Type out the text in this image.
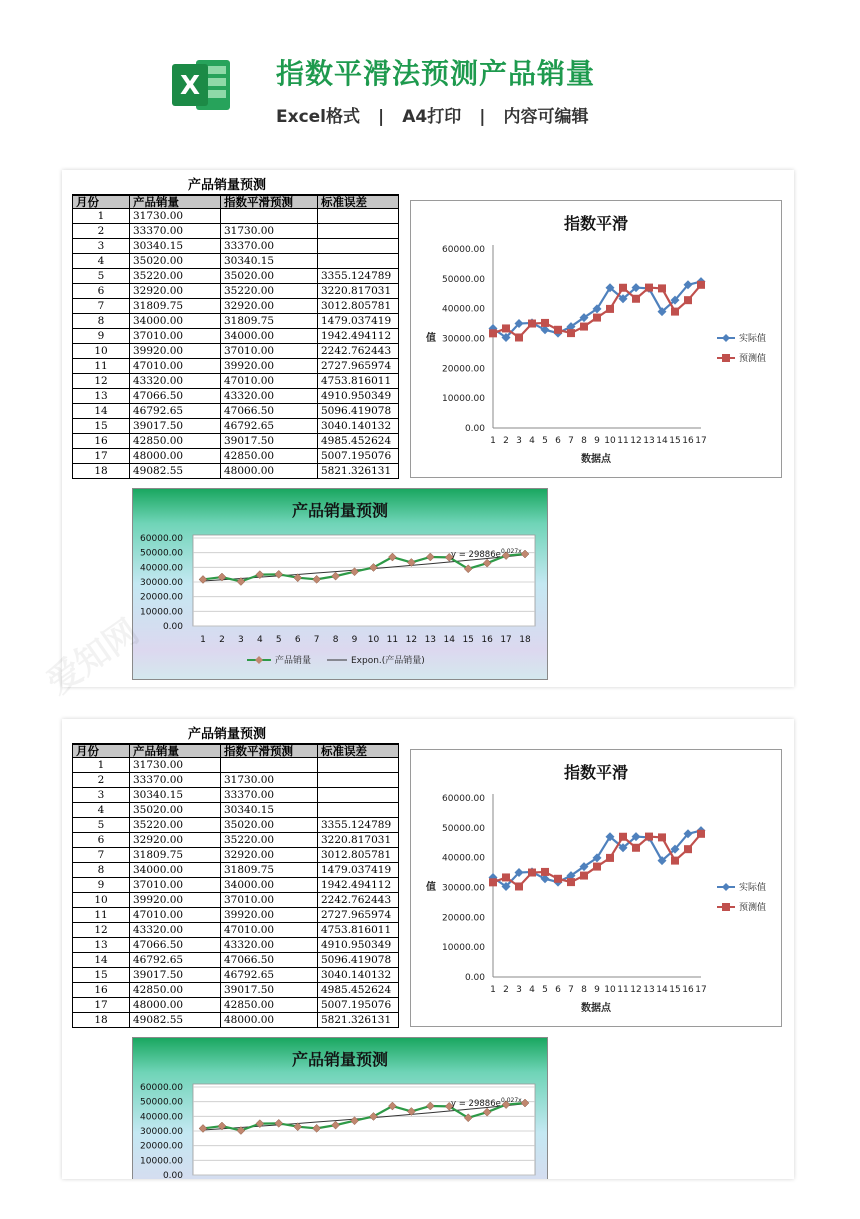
X	指数平滑法预测产品销量
Excel格式 | A4打印 | 内容可编辑
产品销量预测
月份	产品销量	指数平滑预测	标准误差
1	31730.00		
2	33370.00	31730.00	
3	30340.15	33370.00	
4	35020.00	30340.15	
5	35220.00	35020.00	3355.124789
6	32920.00	35220.00	3220.817031
7	31809.75	32920.00	3012.805781
8	34000.00	31809.75	1479.037419
9	37010.00	34000.00	1942.494112
10	39920.00	37010.00	2242.762443
11	47010.00	39920.00	2727.965974
12	43320.00	47010.00	4753.816011
13	47066.50	43320.00	4910.950349
14	46792.65	47066.50	5096.419078
15	39017.50	46792.65	3040.140132
16	42850.00	39017.50	4985.452624
17	48000.00	42850.00	5007.195076
18	49082.55	48000.00	5821.326131
指数平滑
0.00
10000.00
20000.00
30000.00
40000.00
50000.00
60000.00
1 2 3 4 5 6 7 8 9 10 11 12 13 14 15 16 17
数据点
值	实际值
预测值
产品销量预测
0.00
10000.00
20000.00
30000.00
40000.00
50000.00
60000.00
1 2 3 4 5 6 7 8 9 10 11 12 13 14 15 16 17 18
y = 29886e 0.027x
产品销量	Expon.(产品销量)
产品销量预测
月份	产品销量	指数平滑预测	标准误差
1	31730.00		
2	33370.00	31730.00	
3	30340.15	33370.00	
4	35020.00	30340.15	
5	35220.00	35020.00	3355.124789
6	32920.00	35220.00	3220.817031
7	31809.75	32920.00	3012.805781
8	34000.00	31809.75	1479.037419
9	37010.00	34000.00	1942.494112
10	39920.00	37010.00	2242.762443
11	47010.00	39920.00	2727.965974
12	43320.00	47010.00	4753.816011
13	47066.50	43320.00	4910.950349
14	46792.65	47066.50	5096.419078
15	39017.50	46792.65	3040.140132
16	42850.00	39017.50	4985.452624
17	48000.00	42850.00	5007.195076
18	49082.55	48000.00	5821.326131
指数平滑
0.00
10000.00
20000.00
30000.00
40000.00
50000.00
60000.00
1 2 3 4 5 6 7 8 9 10 11 12 13 14 15 16 17
数据点
值	实际值
预测值
产品销量预测
0.00
10000.00
20000.00
30000.00
40000.00
50000.00
60000.00
1 2 3 4 5 6 7 8 9 10 11 12 13 14 15 16 17 18
y = 29886e 0.027x
产品销量	Expon.(产品销量)
爱知网
